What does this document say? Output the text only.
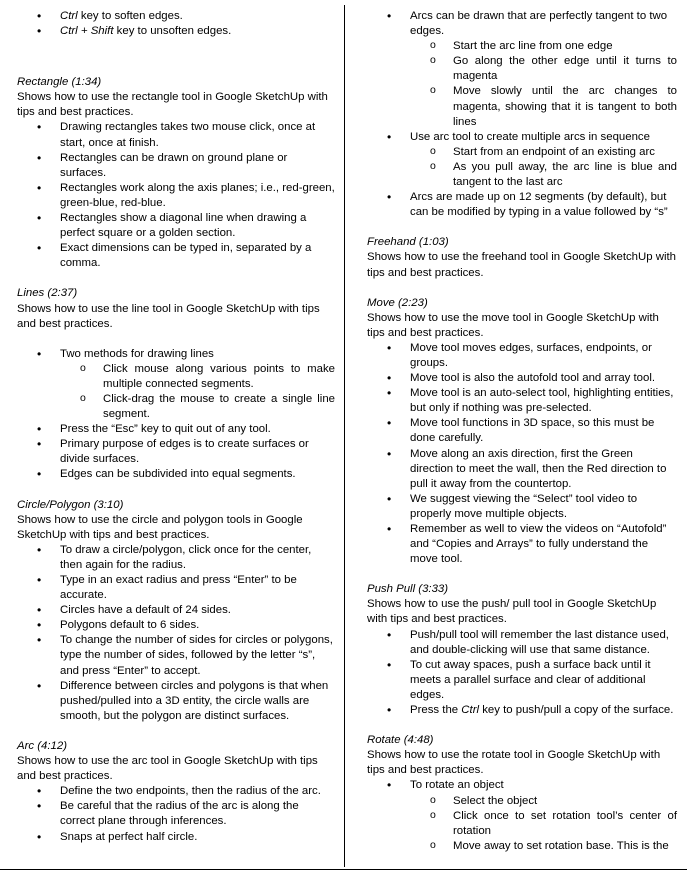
• Ctrl key to soften edges.
• Ctrl + Shift key to unsoften edges.

Rectangle (1:34)

Shows how to use the rectangle tool in Google SketchUp with tips and best practices.

• Drawing rectangles takes two mouse click, once at start, once at finish.
• Rectangles can be drawn on ground plane or surfaces.
• Rectangles work along the axis planes; i.e., red-green, green-blue, red-blue.
• Rectangles show a diagonal line when drawing a perfect square or a golden section.
• Exact dimensions can be typed in, separated by a comma.

Lines (2:37)

Shows how to use the line tool in Google SketchUp with tips and best practices.

• Two methods for drawing lines
o Click mouse along various points to make multiple connected segments.
o Click-drag the mouse to create a single line segment.
• Press the “Esc” key to quit out of any tool.
• Primary purpose of edges is to create surfaces or divide surfaces.
• Edges can be subdivided into equal segments.

Circle/Polygon (3:10)

Shows how to use the circle and polygon tools in Google SketchUp with tips and best practices.

• To draw a circle/polygon, click once for the center, then again for the radius.
• Type in an exact radius and press “Enter” to be accurate.
• Circles have a default of 24 sides.
• Polygons default to 6 sides.
• To change the number of sides for circles or polygons, type the number of sides, followed by the letter “s”, and press “Enter” to accept.
• Difference between circles and polygons is that when pushed/pulled into a 3D entity, the circle walls are smooth, but the polygon are distinct surfaces.

Arc (4:12)

Shows how to use the arc tool in Google SketchUp with tips and best practices.

• Define the two endpoints, then the radius of the arc.
• Be careful that the radius of the arc is along the correct plane through inferences.
• Snaps at perfect half circle.
• Arcs can be drawn that are perfectly tangent to two edges.
o Start the arc line from one edge
o Go along the other edge until it turns to magenta
o Move slowly until the arc changes to magenta, showing that it is tangent to both lines
• Use arc tool to create multiple arcs in sequence
o Start from an endpoint of an existing arc
o As you pull away, the arc line is blue and tangent to the last arc
• Arcs are made up on 12 segments (by default), but can be modified by typing in a value followed by “s”

Freehand (1:03)

Shows how to use the freehand tool in Google SketchUp with tips and best practices.

Move (2:23)

Shows how to use the move tool in Google SketchUp with tips and best practices.

• Move tool moves edges, surfaces, endpoints, or groups.
• Move tool is also the autofold tool and array tool.
• Move tool is an auto-select tool, highlighting entities, but only if nothing was pre-selected.
• Move tool functions in 3D space, so this must be done carefully.
• Move along an axis direction, first the Green direction to meet the wall, then the Red direction to pull it away from the countertop.
• We suggest viewing the “Select” tool video to properly move multiple objects.
• Remember as well to view the videos on “Autofold” and “Copies and Arrays” to fully understand the move tool.

Push Pull (3:33)

Shows how to use the push/ pull tool in Google SketchUp with tips and best practices.

• Push/pull tool will remember the last distance used, and double-clicking will use that same distance.
• To cut away spaces, push a surface back until it meets a parallel surface and clear of additional edges.
• Press the Ctrl key to push/pull a copy of the surface.

Rotate (4:48)

Shows how to use the rotate tool in Google SketchUp with tips and best practices.

• To rotate an object
o Select the object
o Click once to set rotation tool’s center of rotation
o Move away to set rotation base. This is the
